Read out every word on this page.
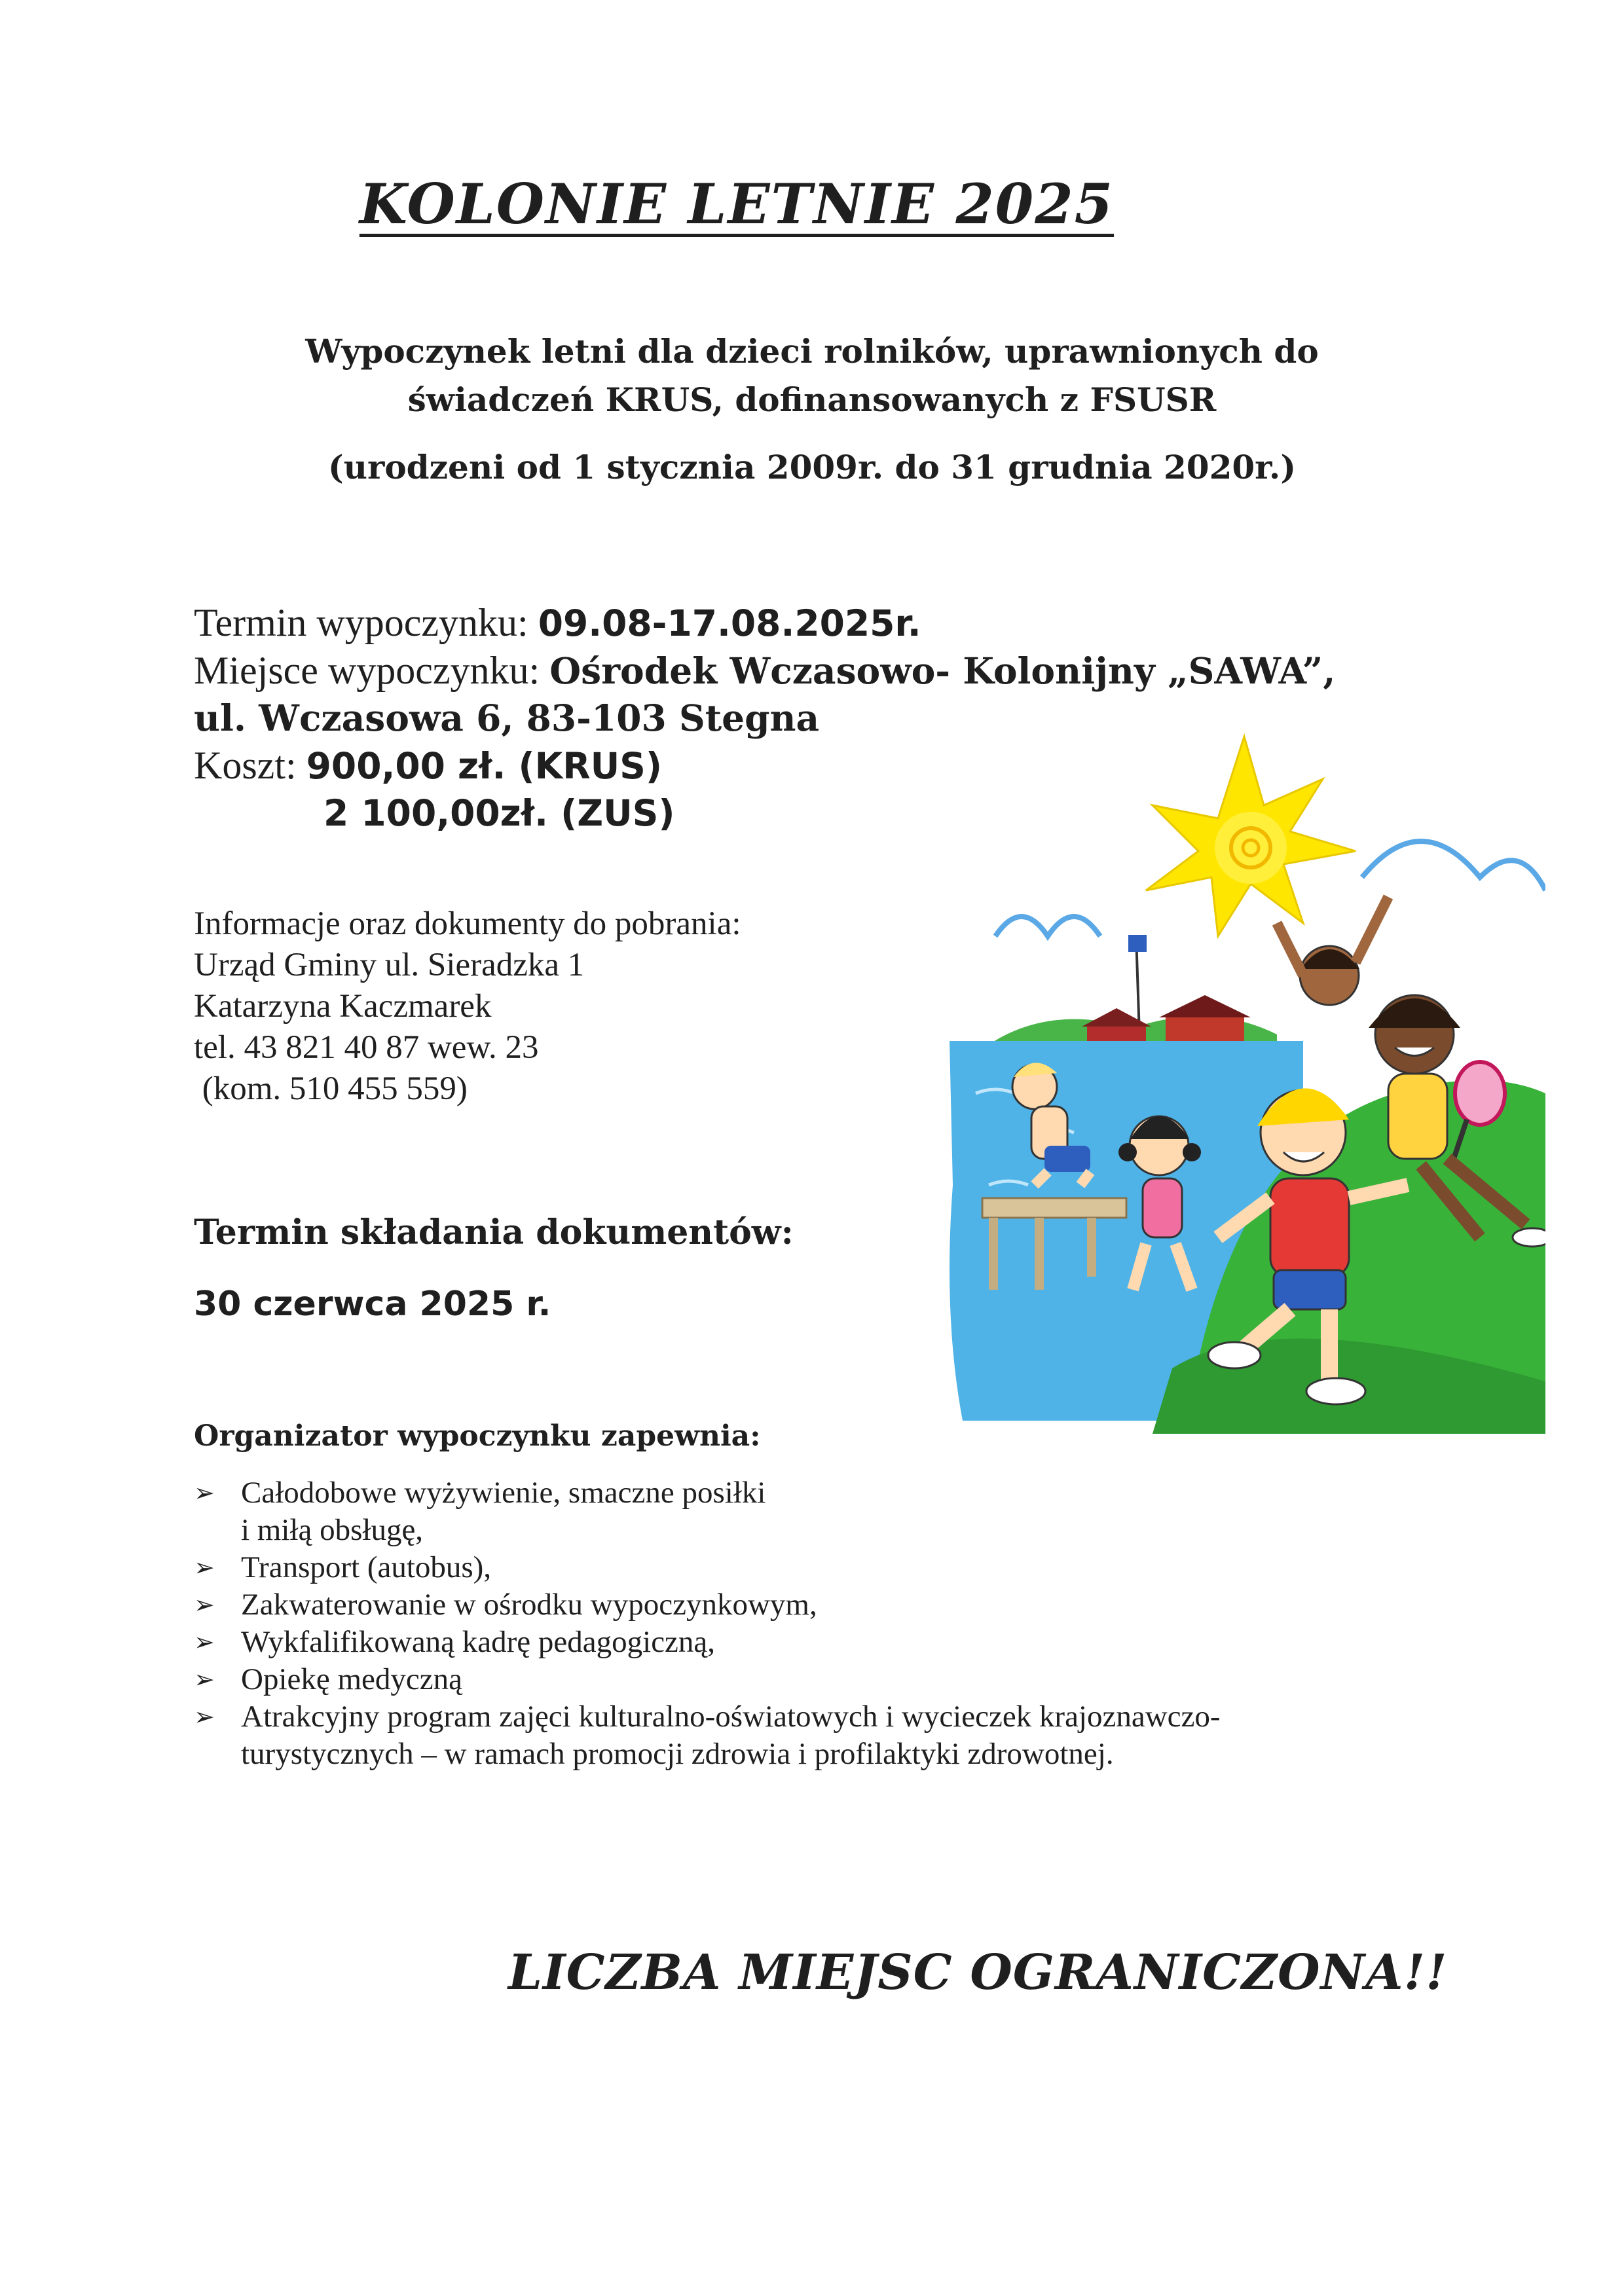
KOLONIE LETNIE 2025
Wypoczynek letni dla dzieci rolników, uprawnionych do
świadczeń KRUS, dofinansowanych z FSUSR
(urodzeni od 1 stycznia 2009r. do 31 grudnia 2020r.)
Termin wypoczynku: 09.08-17.08.2025r.
Miejsce wypoczynku: Ośrodek Wczasowo- Kolonijny „SAWA”,
ul. Wczasowa 6, 83-103 Stegna
Koszt: 900,00 zł. (KRUS)
2 100,00zł. (ZUS)
Informacje oraz dokumenty do pobrania:
Urząd Gminy ul. Sieradzka 1
Katarzyna Kaczmarek
tel. 43 821 40 87 wew. 23
(kom. 510 455 559)
Termin składania dokumentów:
30 czerwca 2025 r.
Organizator wypoczynku zapewnia:
➢ Całodobowe wyżywienie, smaczne posiłki
i miłą obsługę,
➢ Transport (autobus),
➢ Zakwaterowanie w ośrodku wypoczynkowym,
➢ Wykfalifikowaną kadrę pedagogiczną,
➢ Opiekę medyczną
➢ Atrakcyjny program zajęci kulturalno-oświatowych i wycieczek krajoznawczo-
turystycznych – w ramach promocji zdrowia i profilaktyki zdrowotnej.
LICZBA MIEJSC OGRANICZONA!!
